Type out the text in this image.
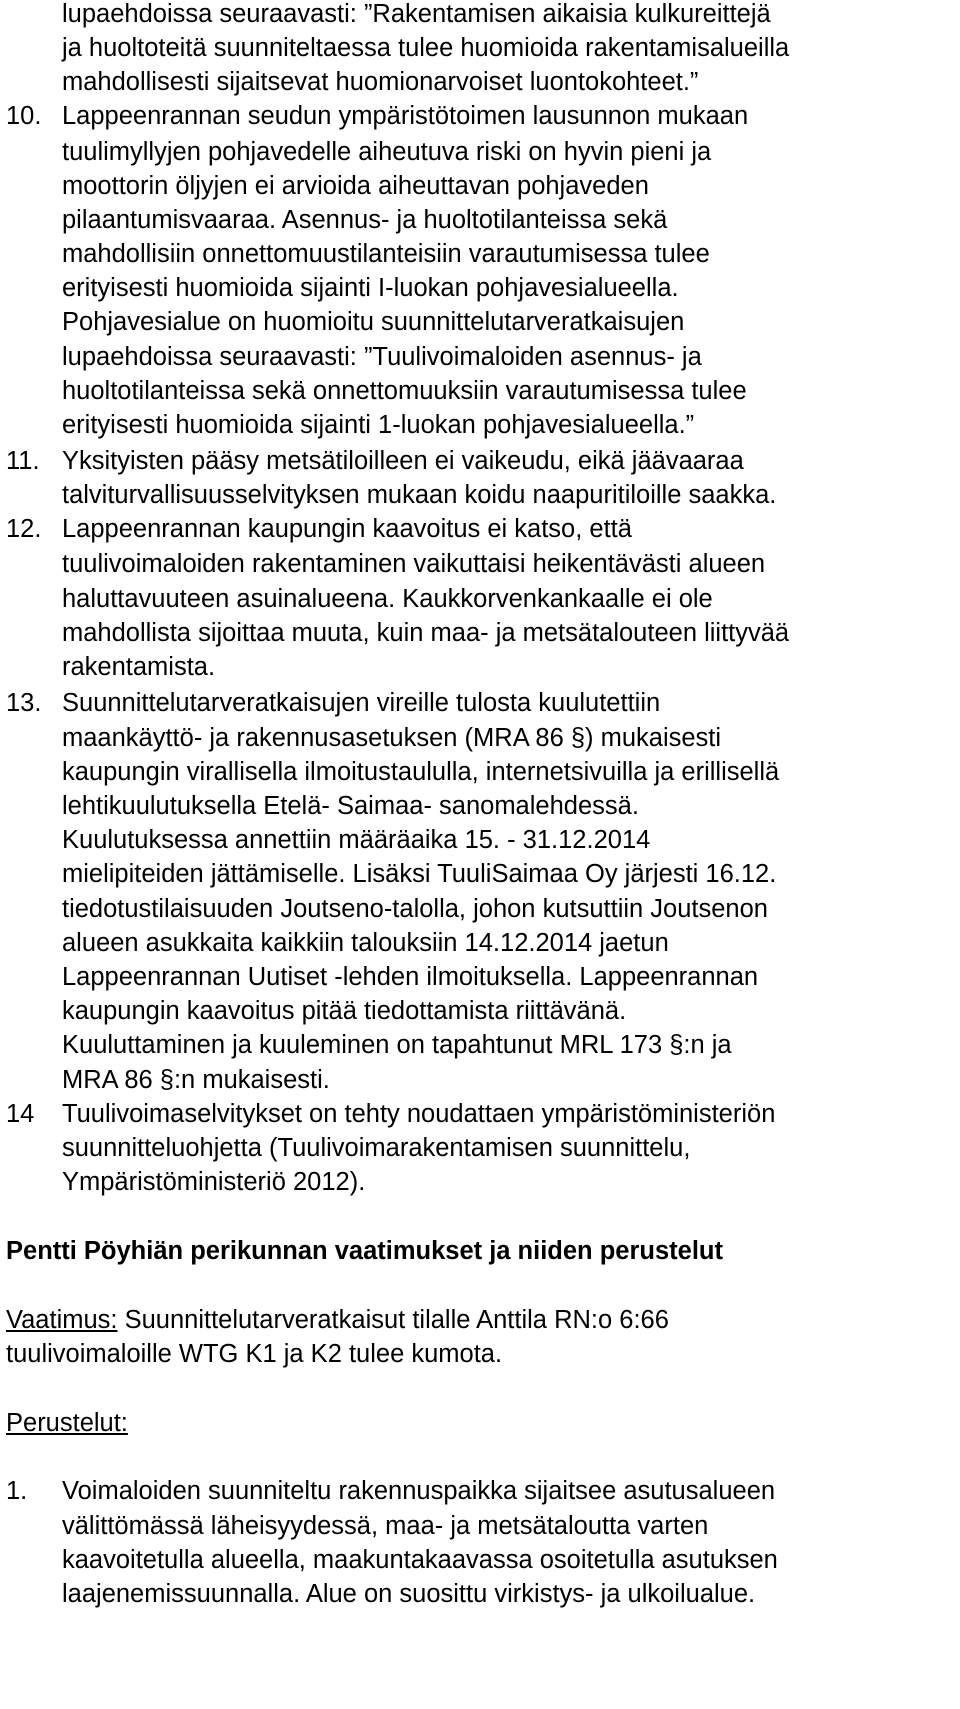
lupaehdoissa seuraavasti: ”Rakentamisen aikaisia kulkureittejä
ja huoltoteitä suunniteltaessa tulee huomioida rakentamisalueilla
mahdollisesti sijaitsevat huomionarvoiset luontokohteet.”
10. Lappeenrannan seudun ympäristötoimen lausunnon mukaan
tuulimyllyjen pohjavedelle aiheutuva riski on hyvin pieni ja
moottorin öljyjen ei arvioida aiheuttavan pohjaveden
pilaantumisvaaraa. Asennus- ja huoltotilanteissa sekä
mahdollisiin onnettomuustilanteisiin varautumisessa tulee
erityisesti huomioida sijainti I-luokan pohjavesialueella.
Pohjavesialue on huomioitu suunnittelutarveratkaisujen
lupaehdoissa seuraavasti: ”Tuulivoimaloiden asennus- ja
huoltotilanteissa sekä onnettomuuksiin varautumisessa tulee
erityisesti huomioida sijainti 1-luokan pohjavesialueella.”
11. Yksityisten pääsy metsätiloilleen ei vaikeudu, eikä jäävaaraa
talviturvallisuusselvityksen mukaan koidu naapuritiloille saakka.
12. Lappeenrannan kaupungin kaavoitus ei katso, että
tuulivoimaloiden rakentaminen vaikuttaisi heikentävästi alueen
haluttavuuteen asuinalueena. Kaukkorvenkankaalle ei ole
mahdollista sijoittaa muuta, kuin maa- ja metsätalouteen liittyvää
rakentamista.
13. Suunnittelutarveratkaisujen vireille tulosta kuulutettiin
maankäyttö- ja rakennusasetuksen (MRA 86 §) mukaisesti
kaupungin virallisella ilmoitustaululla, internetsivuilla ja erillisellä
lehtikuulutuksella Etelä- Saimaa- sanomalehdessä.
Kuulutuksessa annettiin määräaika 15. - 31.12.2014
mielipiteiden jättämiselle. Lisäksi TuuliSaimaa Oy järjesti 16.12.
tiedotustilaisuuden Joutseno-talolla, johon kutsuttiin Joutsenon
alueen asukkaita kaikkiin talouksiin 14.12.2014 jaetun
Lappeenrannan Uutiset -lehden ilmoituksella. Lappeenrannan
kaupungin kaavoitus pitää tiedottamista riittävänä.
Kuuluttaminen ja kuuleminen on tapahtunut MRL 173 §:n ja
MRA 86 §:n mukaisesti.
14 Tuulivoimaselvitykset on tehty noudattaen ympäristöministeriön
suunnitteluohjetta (Tuulivoimarakentamisen suunnittelu,
Ympäristöministeriö 2012).
Pentti Pöyhiän perikunnan vaatimukset ja niiden perustelut
Vaatimus: Suunnittelutarveratkaisut tilalle Anttila RN:o 6:66
tuulivoimaloille WTG K1 ja K2 tulee kumota.
Perustelut:
1. Voimaloiden suunniteltu rakennuspaikka sijaitsee asutusalueen
välittömässä läheisyydessä, maa- ja metsätaloutta varten
kaavoitetulla alueella, maakuntakaavassa osoitetulla asutuksen
laajenemissuunnalla. Alue on suosittu virkistys- ja ulkoilualue.
